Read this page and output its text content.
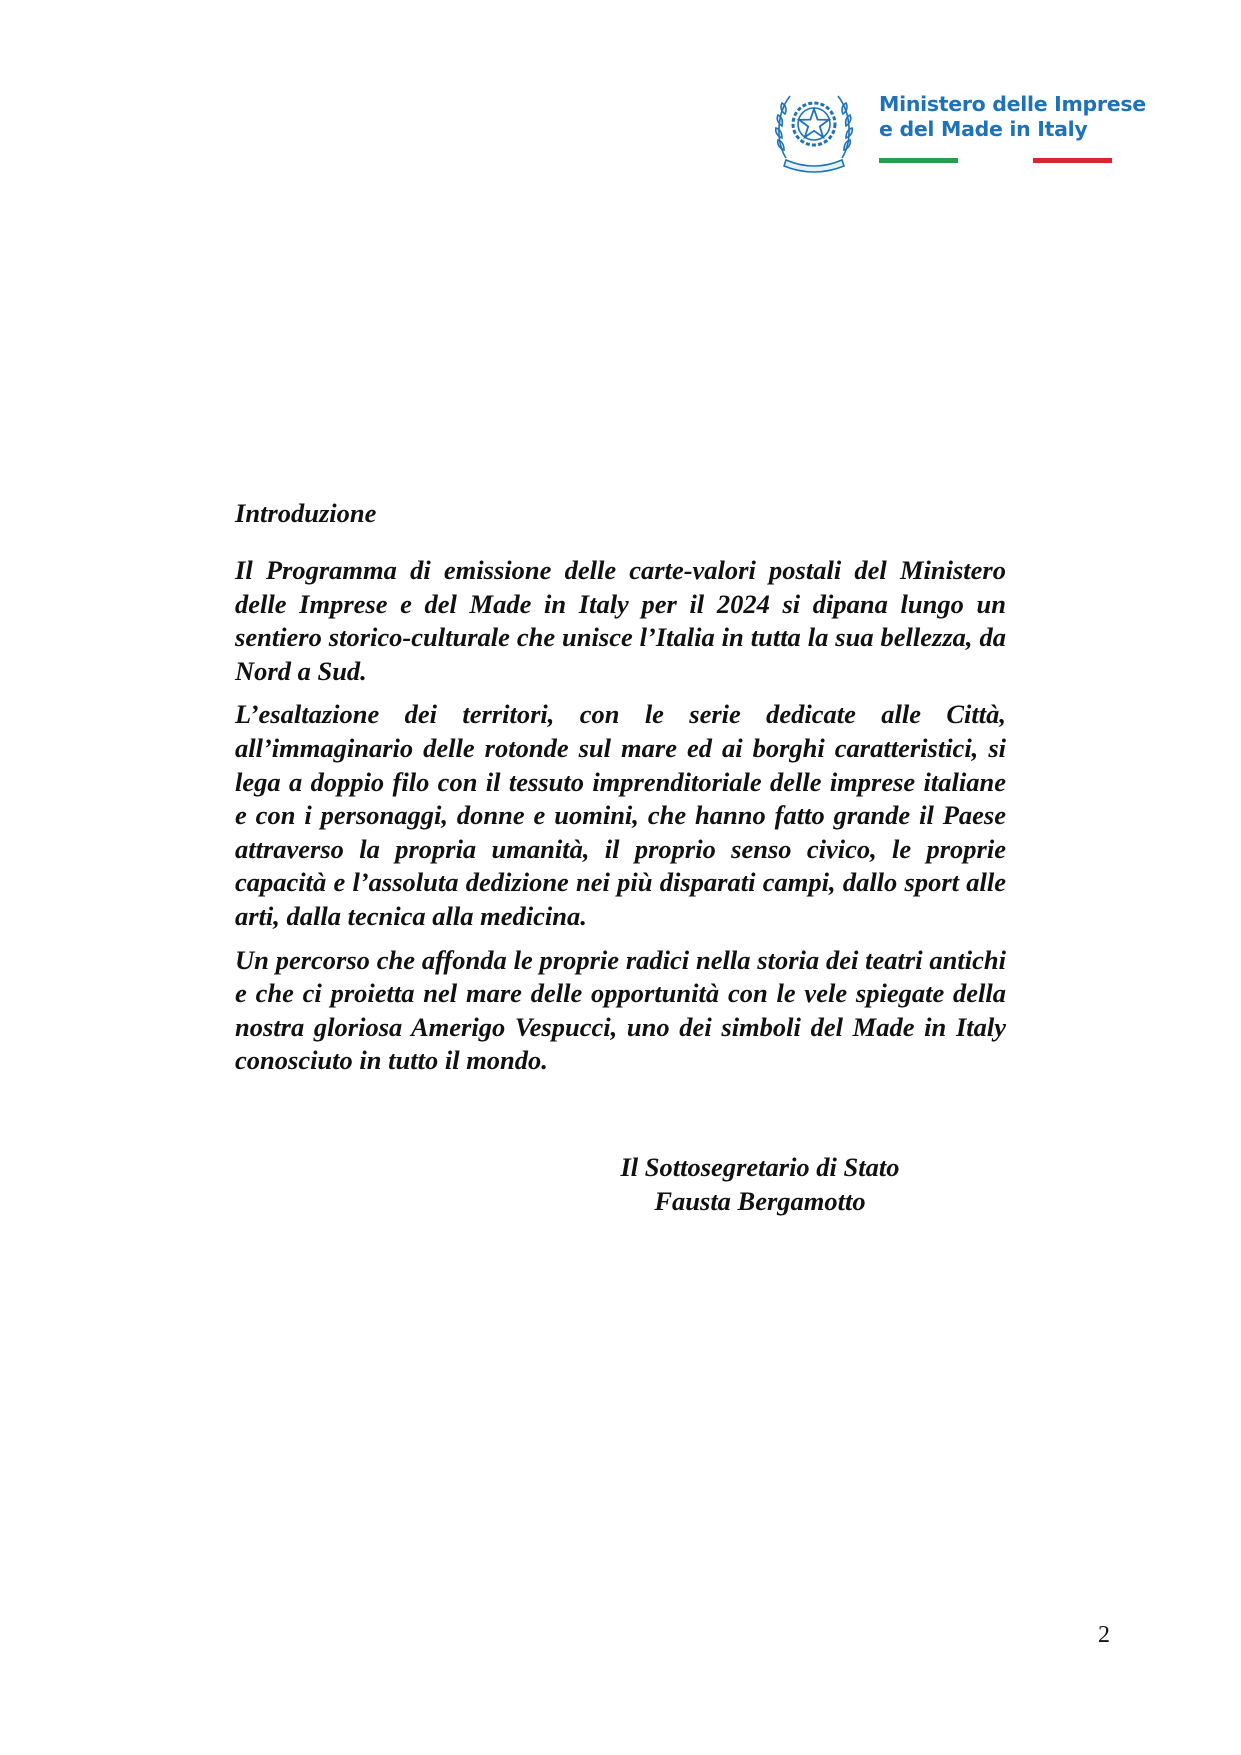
Ministero delle Imprese
e del Made in Italy

Introduzione

Il Programma di emissione delle carte-valori postali del Ministero delle Imprese e del Made in Italy per il 2024 si dipana lungo un sentiero storico-culturale che unisce l’Italia in tutta la sua bellezza, da Nord a Sud.

L’esaltazione dei territori, con le serie dedicate alle Città, all’immaginario delle rotonde sul mare ed ai borghi caratteristici, si lega a doppio filo con il tessuto imprenditoriale delle imprese italiane e con i personaggi, donne e uomini, che hanno fatto grande il Paese attraverso la propria umanità, il proprio senso civico, le proprie capacità e l’assoluta dedizione nei più disparati campi, dallo sport alle arti, dalla tecnica alla medicina.

Un percorso che affonda le proprie radici nella storia dei teatri antichi e che ci proietta nel mare delle opportunità con le vele spiegate della nostra gloriosa Amerigo Vespucci, uno dei simboli del Made in Italy conosciuto in tutto il mondo.

Il Sottosegretario di Stato
Fausta Bergamotto
2
